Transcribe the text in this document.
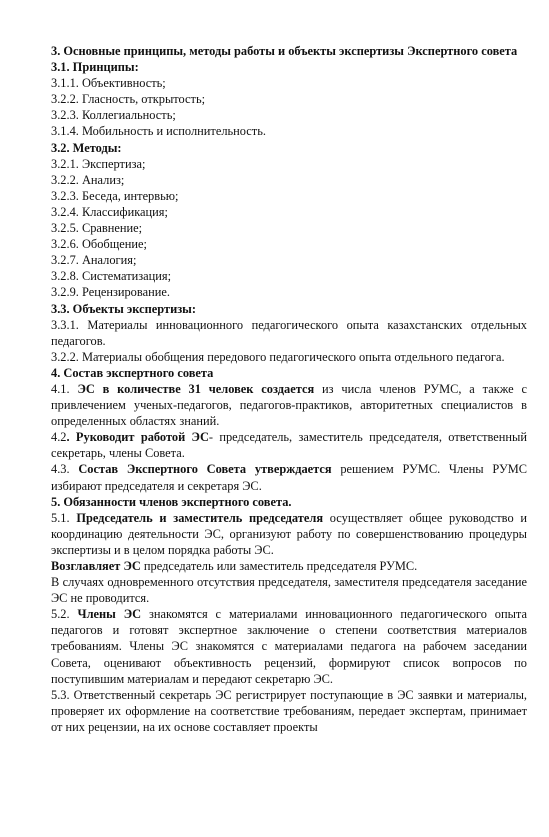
3. Основные принципы, методы работы и объекты экспертизы Экспертного совета
3.1. Принципы:
3.1.1. Объективность;
3.2.2. Гласность, открытость;
3.2.3. Коллегиальность;
3.1.4. Мобильность и исполнительность.
3.2. Методы:
3.2.1. Экспертиза;
3.2.2. Анализ;
3.2.3. Беседа, интервью;
3.2.4. Классификация;
3.2.5. Сравнение;
3.2.6. Обобщение;
3.2.7. Аналогия;
3.2.8. Систематизация;
3.2.9. Рецензирование.
3.3. Объекты экспертизы:
3.3.1. Материалы инновационного педагогического опыта казахстанских отдельных педагогов.
3.2.2. Материалы обобщения передового педагогического опыта отдельного педагога.
4. Состав экспертного совета
4.1. ЭС в количестве 31 человек создается из числа членов РУМС, а также с привлечением ученых-педагогов, педагогов-практиков, авторитетных специалистов в определенных областях знаний.
4.2. Руководит работой ЭС- председатель, заместитель председателя, ответственный секретарь, члены Совета.
4.3. Состав Экспертного Совета утверждается решением РУМС. Члены РУМС избирают председателя и секретаря ЭС.
5. Обязанности членов экспертного совета.
5.1. Председатель и заместитель председателя осуществляет общее руководство и координацию деятельности ЭС, организуют работу по совершенствованию процедуры экспертизы и в целом порядка работы ЭС.
Возглавляет ЭС председатель или заместитель председателя РУМС.
В случаях одновременного отсутствия председателя, заместителя председателя заседание ЭС не проводится.
5.2. Члены ЭС знакомятся с материалами инновационного педагогического опыта педагогов и готовят экспертное заключение о степени соответствия материалов требованиям. Члены ЭС знакомятся с материалами педагога на рабочем заседании Совета, оценивают объективность рецензий, формируют список вопросов по поступившим материалам и передают секретарю ЭС.
5.3. Ответственный секретарь ЭС регистрирует поступающие в ЭС заявки и материалы, проверяет их оформление на соответствие требованиям, передает экспертам, принимает от них рецензии, на их основе составляет проекты
